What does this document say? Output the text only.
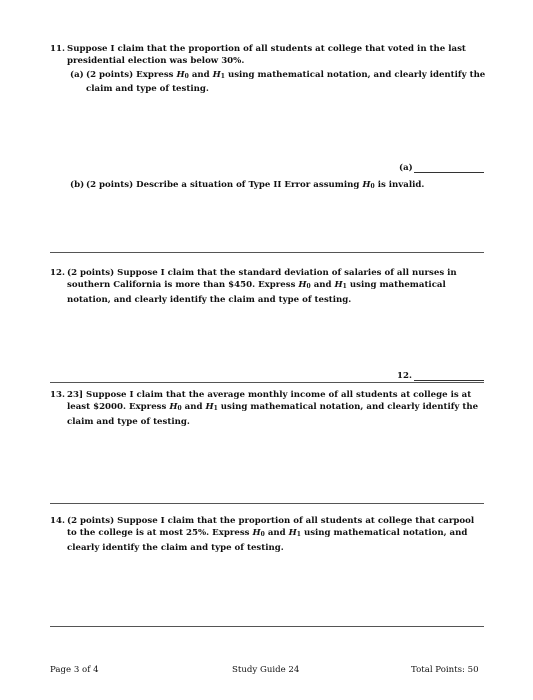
11. Suppose I claim that the proportion of all students at college that voted in the last presidential election was below 30%.
(a) (2 points) Express $H_0$ and $H_1$ using mathematical notation, and clearly identify the claim and type of testing.
(a)
(b) (2 points) Describe a situation of Type II Error assuming $H_0$ is invalid.
12. (2 points) Suppose I claim that the standard deviation of salaries of all nurses in southern California is more than $450. Express $H_0$ and $H_1$ using mathematical notation, and clearly identify the claim and type of testing.
12.
13. 23] Suppose I claim that the average monthly income of all students at college is at least $2000. Express $H_0$ and $H_1$ using mathematical notation, and clearly identify the claim and type of testing.
14. (2 points) Suppose I claim that the proportion of all students at college that carpool to the college is at most 25%. Express $H_0$ and $H_1$ using mathematical notation, and clearly identify the claim and type of testing.
Page 3 of 4	Study Guide 24	Total Points: 50
